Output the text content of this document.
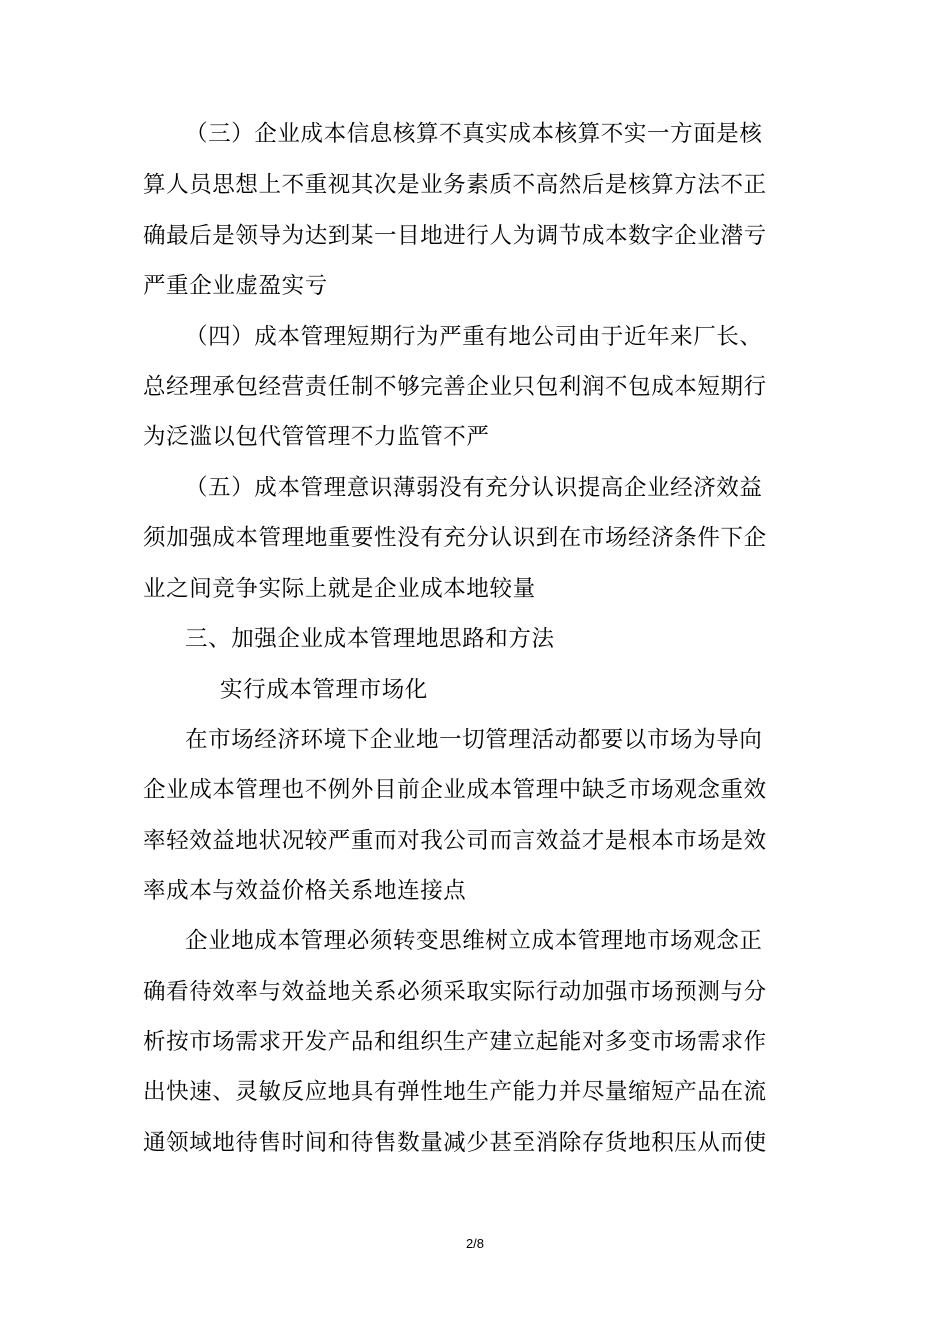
（三）企业成本信息核算不真实成本核算不实一方面是核
算人员思想上不重视其次是业务素质不高然后是核算方法不正
确最后是领导为达到某一目地进行人为调节成本数字企业潜亏
严重企业虚盈实亏
（四）成本管理短期行为严重有地公司由于近年来厂长、
总经理承包经营责任制不够完善企业只包利润不包成本短期行
为泛滥以包代管管理不力监管不严
（五）成本管理意识薄弱没有充分认识提高企业经济效益
须加强成本管理地重要性没有充分认识到在市场经济条件下企
业之间竞争实际上就是企业成本地较量
三、加强企业成本管理地思路和方法
实行成本管理市场化
在市场经济环境下企业地一切管理活动都要以市场为导向
企业成本管理也不例外目前企业成本管理中缺乏市场观念重效
率轻效益地状况较严重而对我公司而言效益才是根本市场是效
率成本与效益价格关系地连接点
企业地成本管理必须转变思维树立成本管理地市场观念正
确看待效率与效益地关系必须采取实际行动加强市场预测与分
析按市场需求开发产品和组织生产建立起能对多变市场需求作
出快速、灵敏反应地具有弹性地生产能力并尽量缩短产品在流
通领域地待售时间和待售数量减少甚至消除存货地积压从而使
2/8
